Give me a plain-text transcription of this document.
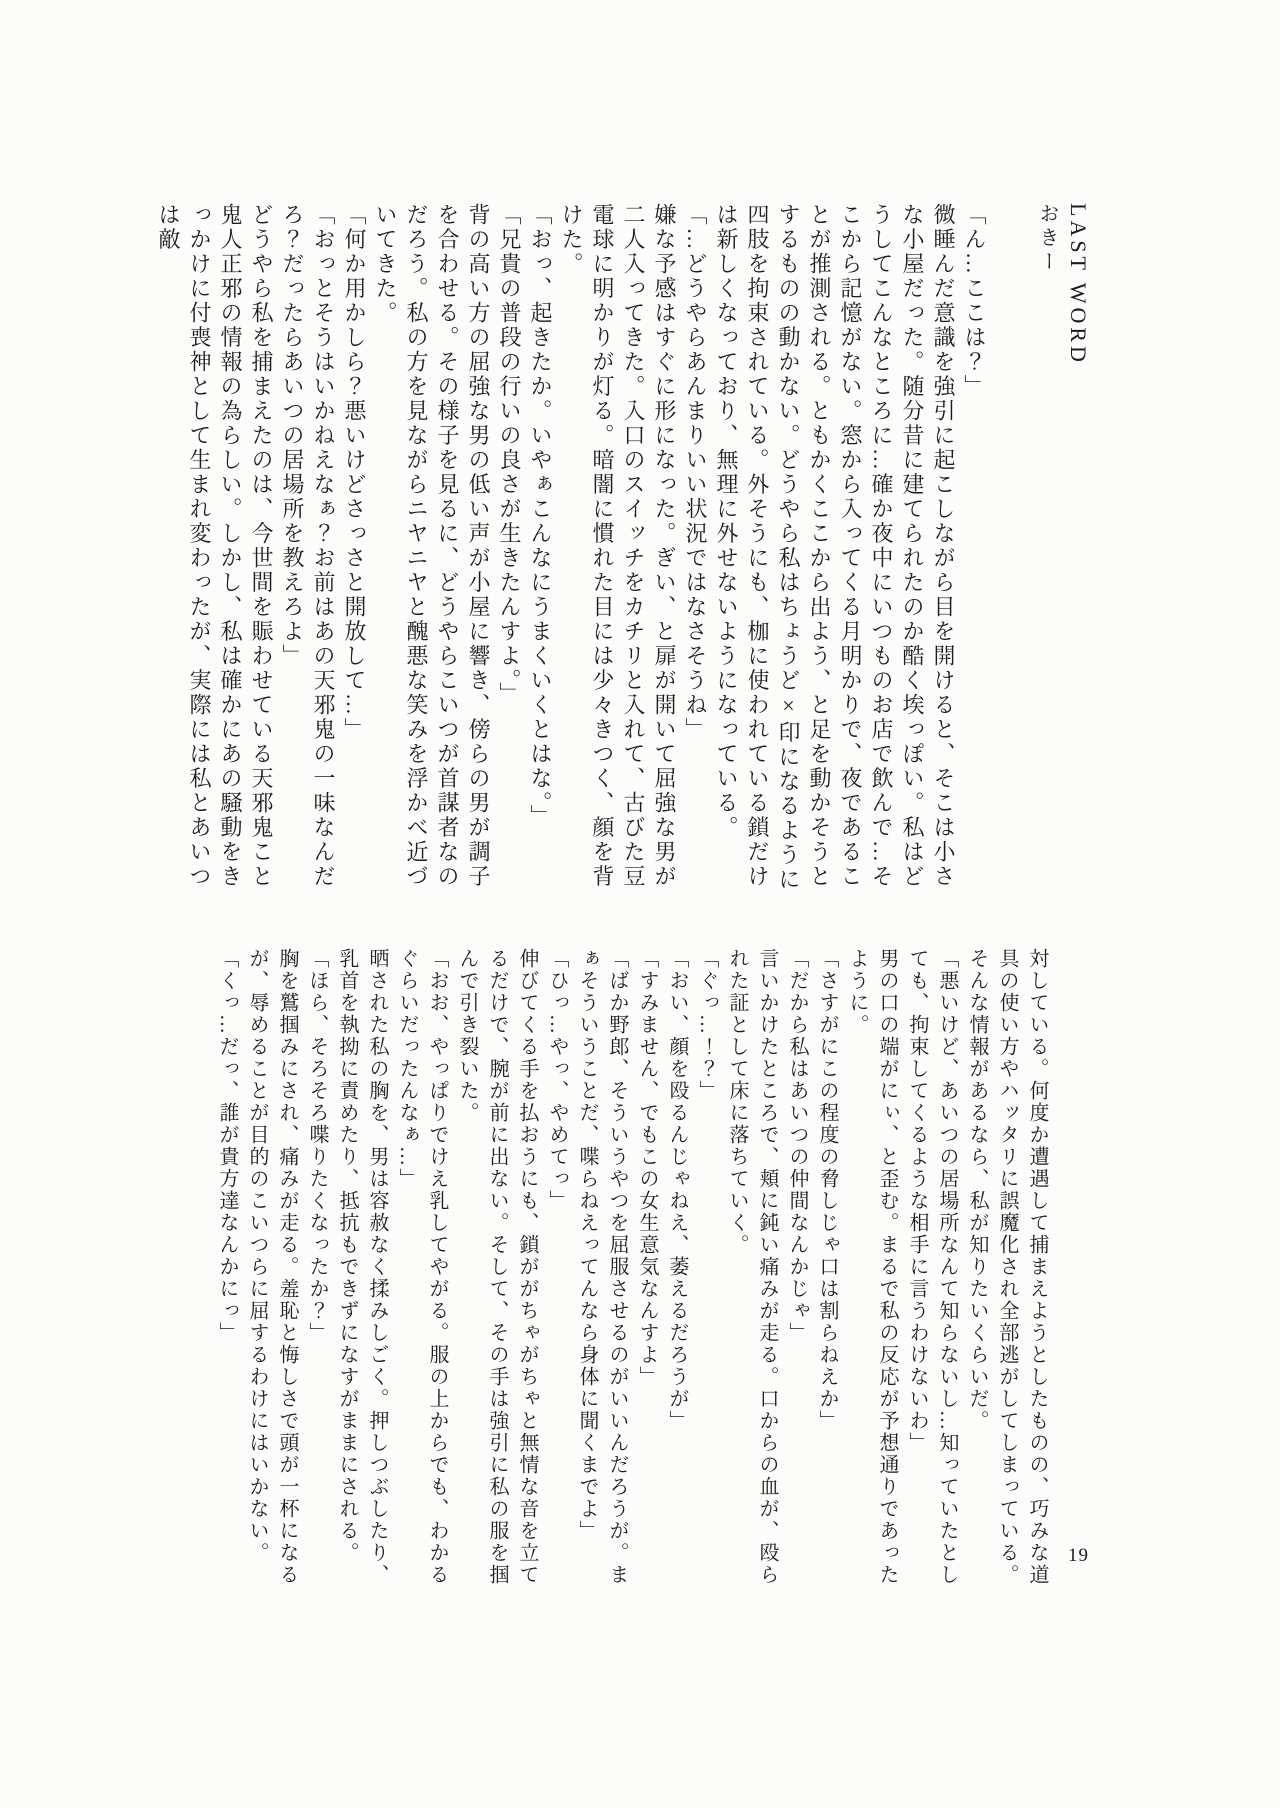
LAST WORD

おきー

「ん…ここは？」

微睡んだ意識を強引に起こしながら目を開けると、そこは小さな小屋だった。随分昔に建てられたのか酷く埃っぽい。私はどうしてこんなところに…確か夜中にいつものお店で飲んで…そこから記憶がない。窓から入ってくる月明かりで、夜であることが推測される。ともかくここから出よう、と足を動かそうとするものの動かない。どうやら私はちょうど×印になるように四肢を拘束されている。外そうにも、枷に使われている鎖だけは新しくなっており、無理に外せないようになっている。

「…どうやらあんまりいい状況ではなさそうね」

嫌な予感はすぐに形になった。ぎい、と扉が開いて屈強な男が二人入ってきた。入口のスイッチをカチリと入れて、古びた豆電球に明かりが灯る。暗闇に慣れた目には少々きつく、顔を背けた。

「おっ、起きたか。いやぁこんなにうまくいくとはな。」

「兄貴の普段の行いの良さが生きたんすよ。」

背の高い方の屈強な男の低い声が小屋に響き、傍らの男が調子を合わせる。その様子を見るに、どうやらこいつが首謀者なのだろう。私の方を見ながらニヤニヤと醜悪な笑みを浮かべ近づいてきた。

「何か用かしら？悪いけどさっさと開放して…」

「おっとそうはいかねえなぁ？お前はあの天邪鬼の一味なんだろ？だったらあいつの居場所を教えろよ」

どうやら私を捕まえたのは、今世間を賑わせている天邪鬼こと鬼人正邪の情報の為らしい。しかし、私は確かにあの騒動をきっかけに付喪神として生まれ変わったが、実際には私とあいつは敵

対している。何度か遭遇して捕まえようとしたものの、巧みな道具の使い方やハッタリに誤魔化され全部逃がしてしまっている。そんな情報があるなら、私が知りたいくらいだ。

「悪いけど、あいつの居場所なんて知らないし…知っていたとしても、拘束してくるような相手に言うわけないわ」

男の口の端がにぃ、と歪む。まるで私の反応が予想通りであったように。

「さすがにこの程度の脅しじゃ口は割らねえか」

「だから私はあいつの仲間なんかじゃ」

言いかけたところで、頬に鈍い痛みが走る。口からの血が、殴られた証として床に落ちていく。

「ぐっ…！？」

「おい、顔を殴るんじゃねえ、萎えるだろうが」

「すみません、でもこの女生意気なんすよ」

「ばか野郎、そういうやつを屈服させるのがいいんだろうが。まぁそういうことだ、喋らねえってんなら身体に聞くまでよ」

「ひっ…やっ、やめてっ」

伸びてくる手を払おうにも、鎖ががちゃがちゃと無情な音を立てるだけで、腕が前に出ない。そして、その手は強引に私の服を掴んで引き裂いた。

「おお、やっぱりでけえ乳してやがる。服の上からでも、わかるぐらいだったんなぁ…」

晒された私の胸を、男は容赦なく揉みしごく。押しつぶしたり、乳首を執拗に責めたり、抵抗もできずになすがままにされる。

「ほら、そろそろ喋りたくなったか？」

胸を鷲掴みにされ、痛みが走る。羞恥と悔しさで頭が一杯になるが、辱めることが目的のこいつらに屈するわけにはいかない。

「くっ…だっ、誰が貴方達なんかにっ」

19
